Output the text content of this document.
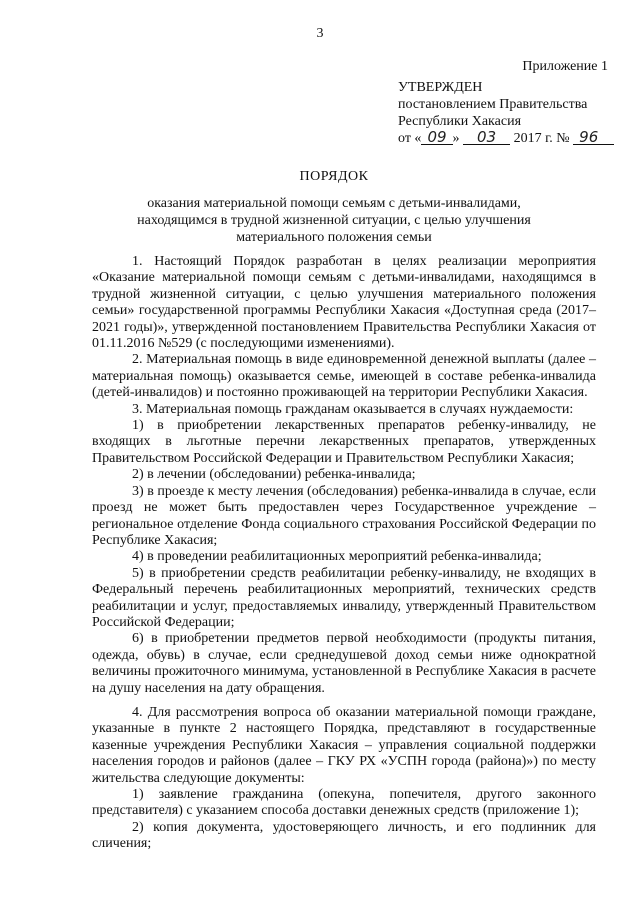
3
Приложение 1
УТВЕРЖДЕН
постановлением Правительства
Республики Хакасия
от « 09 » 03 2017 г. № 96
ПОРЯДОК
оказания материальной помощи семьям с детьми-инвалидами,
находящимся в трудной жизненной ситуации, с целью улучшения
материального положения семьи

1. Настоящий Порядок разработан в целях реализации мероприятия «Оказание материальной помощи семьям с детьми-инвалидами, находящимся в трудной жизненной ситуации, с целью улучшения материального положения семьи» государственной программы Республики Хакасия «Доступная среда (2017–2021 годы)», утвержденной постановлением Правительства Республики Хакасия от 01.11.2016 №529 (с последующими изменениями).

2. Материальная помощь в виде единовременной денежной выплаты (далее – материальная помощь) оказывается семье, имеющей в составе ребенка-инвалида (детей-инвалидов) и постоянно проживающей на территории Республики Хакасия.

3. Материальная помощь гражданам оказывается в случаях нуждаемости:

1) в приобретении лекарственных препаратов ребенку-инвалиду, не входящих в льготные перечни лекарственных препаратов, утвержденных Правительством Российской Федерации и Правительством Республики Хакасия;

2) в лечении (обследовании) ребенка-инвалида;

3) в проезде к месту лечения (обследования) ребенка-инвалида в случае, если проезд не может быть предоставлен через Государственное учреждение – региональное отделение Фонда социального страхования Российской Федерации по Республике Хакасия;

4) в проведении реабилитационных мероприятий ребенка-инвалида;

5) в приобретении средств реабилитации ребенку-инвалиду, не входящих в Федеральный перечень реабилитационных мероприятий, технических средств реабилитации и услуг, предоставляемых инвалиду, утвержденный Правительством Российской Федерации;

6) в приобретении предметов первой необходимости (продукты питания, одежда, обувь) в случае, если среднедушевой доход семьи ниже однократной величины прожиточного минимума, установленной в Республике Хакасия в расчете на душу населения на дату обращения.

4. Для рассмотрения вопроса об оказании материальной помощи граждане, указанные в пункте 2 настоящего Порядка, представляют в государственные казенные учреждения Республики Хакасия – управления социальной поддержки населения городов и районов (далее – ГКУ РХ «УСПН города (района)») по месту жительства следующие документы:

1) заявление гражданина (опекуна, попечителя, другого законного представителя) с указанием способа доставки денежных средств (приложение 1);

2) копия документа, удостоверяющего личность, и его подлинник для сличения;
